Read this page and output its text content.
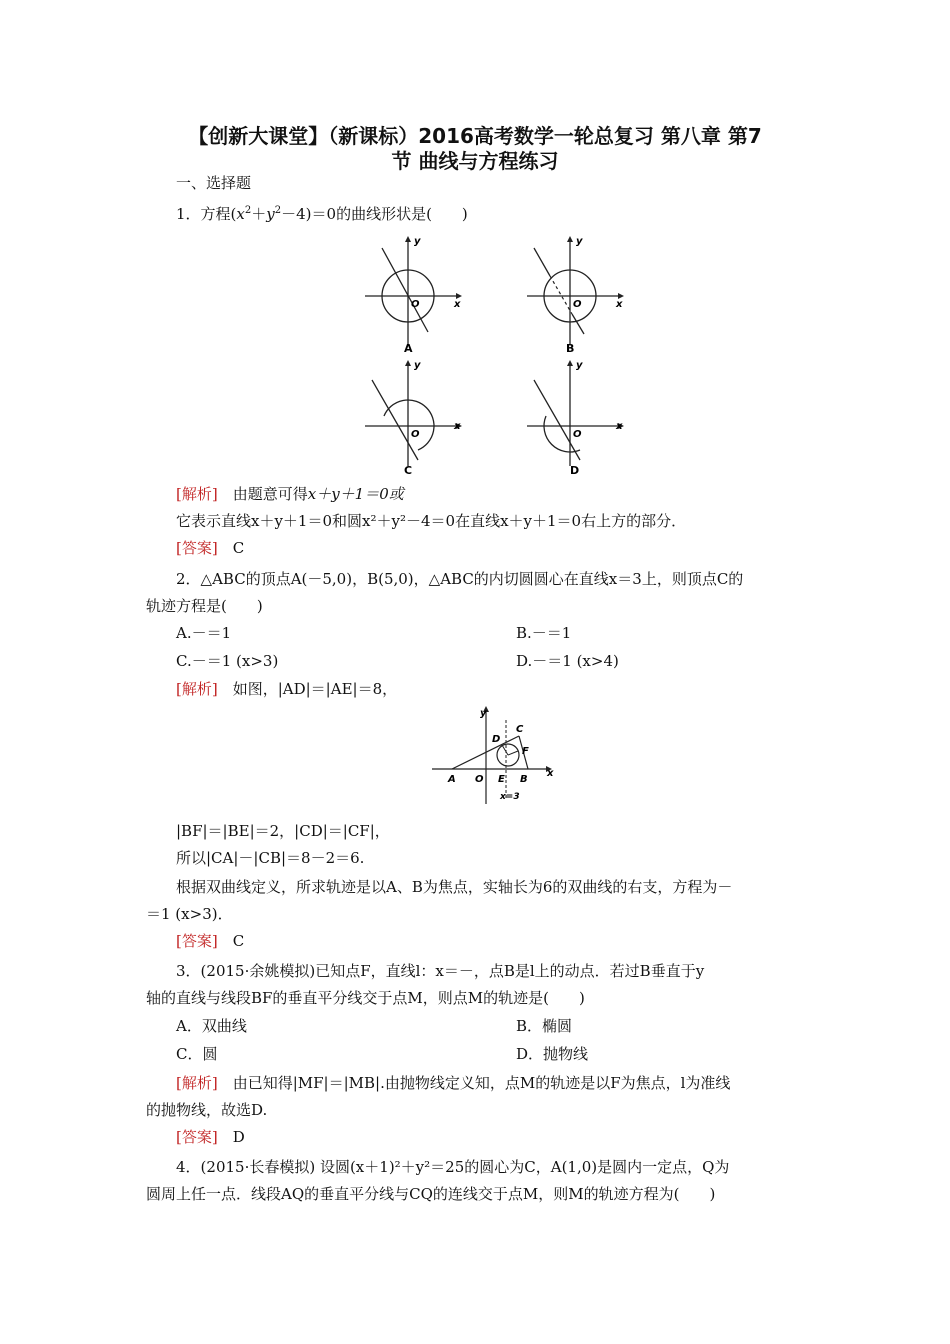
【创新大课堂】（新课标）2016高考数学一轮总复习 第八章 第7
节 曲线与方程练习
一、选择题
1．方程$(x^2+y^2-4)=0$的曲线形状是(　　)
y
x
O
A
y
x
O
B
y
x
O
C
y
x
O
D
[解析]　由题意可得x＋y＋1＝0或
它表示直线x＋y＋1＝0和圆x²＋y²－4＝0在直线x＋y＋1＝0右上方的部分．
[答案]　C
2．△ABC的顶点A(－5,0)，B(5,0)，△ABC的内切圆圆心在直线x＝3上，则顶点C的
轨迹方程是(　　)
A.－＝1	B.－＝1
C.－＝1 (x>3)	D.－＝1 (x>4)
[解析]　如图，|AD|＝|AE|＝8，
y
x
A O E B
C
D
F
x=3
|BF|＝|BE|＝2，|CD|＝|CF|，
所以|CA|－|CB|＝8－2＝6.
根据双曲线定义，所求轨迹是以A、B为焦点，实轴长为6的双曲线的右支，方程为－
＝1 (x>3)．
[答案]　C
3．(2015·余姚模拟)已知点F，直线l：x＝－，点B是l上的动点．若过B垂直于y
轴的直线与线段BF的垂直平分线交于点M，则点M的轨迹是(　　)
A．双曲线	B．椭圆
C．圆	D．抛物线
[解析]　由已知得|MF|＝|MB|.由抛物线定义知，点M的轨迹是以F为焦点，l为准线
的抛物线，故选D.
[答案]　D
4．(2015·长春模拟) 设圆(x＋1)²＋y²＝25的圆心为C，A(1,0)是圆内一定点，Q为
圆周上任一点．线段AQ的垂直平分线与CQ的连线交于点M，则M的轨迹方程为(　　)
